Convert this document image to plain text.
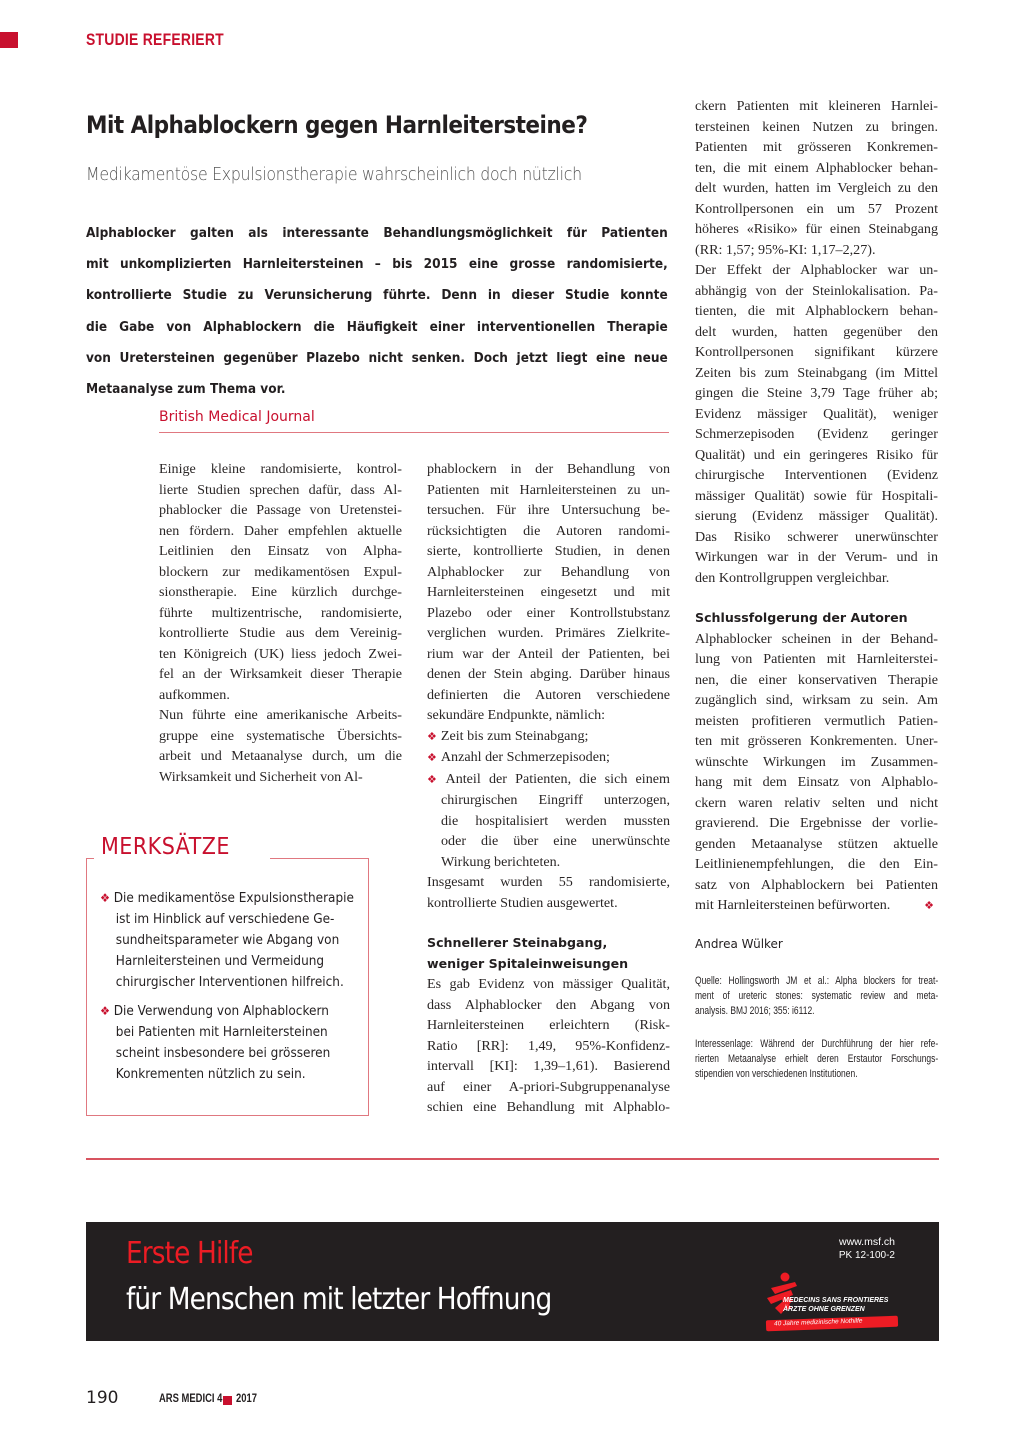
STUDIE REFERIERT
Mit Alphablockern gegen Harnleitersteine?
Medikamentöse Expulsionstherapie wahrscheinlich doch nützlich
Alphablocker galten als interessante Behandlungsmöglichkeit für Patienten
mit unkomplizierten Harnleitersteinen – bis 2015 eine grosse randomisierte,
kontrollierte Studie zu Verunsicherung führte. Denn in dieser Studie konnte
die Gabe von Alphablockern die Häufigkeit einer interventionellen Therapie
von Uretersteinen gegenüber Plazebo nicht senken. Doch jetzt liegt eine neue
Metaanalyse zum Thema vor.
British Medical Journal
Einige kleine randomisierte, kontrol-
lierte Studien sprechen dafür, dass Al-
phablocker die Passage von Uretenstei-
nen fördern. Daher empfehlen aktuelle
Leitlinien den Einsatz von Alpha-
blockern zur medikamentösen Expul-
sionstherapie. Eine kürzlich durchge-
führte multizentrische, randomisierte,
kontrollierte Studie aus dem Vereinig-
ten Königreich (UK) liess jedoch Zwei-
fel an der Wirksamkeit dieser Therapie
aufkommen.
Nun führte eine amerikanische Arbeits-
gruppe eine systematische Übersichts-
arbeit und Metaanalyse durch, um die
Wirksamkeit und Sicherheit von Al-
phablockern in der Behandlung von
Patienten mit Harnleitersteinen zu un-
tersuchen. Für ihre Untersuchung be-
rücksichtigten die Autoren randomi-
sierte, kontrollierte Studien, in denen
Alphablocker zur Behandlung von
Harnleitersteinen eingesetzt und mit
Plazebo oder einer Kontrollstubstanz
verglichen wurden. Primäres Zielkrite-
rium war der Anteil der Patienten, bei
denen der Stein abging. Darüber hinaus
definierten die Autoren verschiedene
sekundäre Endpunkte, nämlich:
❖ Zeit bis zum Steinabgang;
❖ Anzahl der Schmerzepisoden;
❖ Anteil der Patienten, die sich einem
chirurgischen Eingriff unterzogen,
die hospitalisiert werden mussten
oder die über eine unerwünschte
Wirkung berichteten.
Insgesamt wurden 55 randomisierte,
kontrollierte Studien ausgewertet.
Schnellerer Steinabgang,
weniger Spitaleinweisungen
Es gab Evidenz von mässiger Qualität,
dass Alphablocker den Abgang von
Harnleitersteinen erleichtern (Risk-
Ratio [RR]: 1,49, 95%-Konfidenz-
intervall [KI]: 1,39–1,61). Basierend
auf einer A-priori-Subgruppenanalyse
schien eine Behandlung mit Alphablo-
ckern Patienten mit kleineren Harnlei-
tersteinen keinen Nutzen zu bringen.
Patienten mit grösseren Konkremen-
ten, die mit einem Alphablocker behan-
delt wurden, hatten im Vergleich zu den
Kontrollpersonen ein um 57 Prozent
höheres «Risiko» für einen Steinabgang
(RR: 1,57; 95%-KI: 1,17–2,27).
Der Effekt der Alphablocker war un-
abhängig von der Steinlokalisation. Pa-
tienten, die mit Alphablockern behan-
delt wurden, hatten gegenüber den
Kontrollpersonen signifikant kürzere
Zeiten bis zum Steinabgang (im Mittel
gingen die Steine 3,79 Tage früher ab;
Evidenz mässiger Qualität), weniger
Schmerzepisoden (Evidenz geringer
Qualität) und ein geringeres Risiko für
chirurgische Interventionen (Evidenz
mässiger Qualität) sowie für Hospitali-
sierung (Evidenz mässiger Qualität).
Das Risiko schwerer unerwünschter
Wirkungen war in der Verum- und in
den Kontrollgruppen vergleichbar.
Schlussfolgerung der Autoren
Alphablocker scheinen in der Behand-
lung von Patienten mit Harnleiterstei-
nen, die einer konservativen Therapie
zugänglich sind, wirksam zu sein. Am
meisten profitieren vermutlich Patien-
ten mit grösseren Konkrementen. Uner-
wünschte Wirkungen im Zusammen-
hang mit dem Einsatz von Alphablo-
ckern waren relativ selten und nicht
gravierend. Die Ergebnisse der vorlie-
genden Metaanalyse stützen aktuelle
Leitlinienempfehlungen, die den Ein-
satz von Alphablockern bei Patienten
mit Harnleitersteinen befürworten.	❖
Andrea Wülker
Quelle: Hollingsworth JM et al.: Alpha blockers for treat-
ment of ureteric stones: systematic review and meta-
analysis. BMJ 2016; 355: i6112.
Interessenlage: Während der Durchführung der hier refe-
rierten Metaanalyse erhielt deren Erstautor Forschungs-
stipendien von verschiedenen Institutionen.
MERKSÄTZE
❖ Die medikamentöse Expulsionstherapie
ist im Hinblick auf verschiedene Ge-
sundheitsparameter wie Abgang von
Harnleitersteinen und Vermeidung
chirurgischer Interventionen hilfreich.
❖ Die Verwendung von Alphablockern
bei Patienten mit Harnleitersteinen
scheint insbesondere bei grösseren
Konkrementen nützlich zu sein.
Erste Hilfe
für Menschen mit letzter Hoffnung
www.msf.ch
PK 12-100-2
MEDECINS SANS FRONTIERES
ÄRZTE OHNE GRENZEN
40 Jahre medizinische Nothilfe
190	ARS MEDICI 4 2017
